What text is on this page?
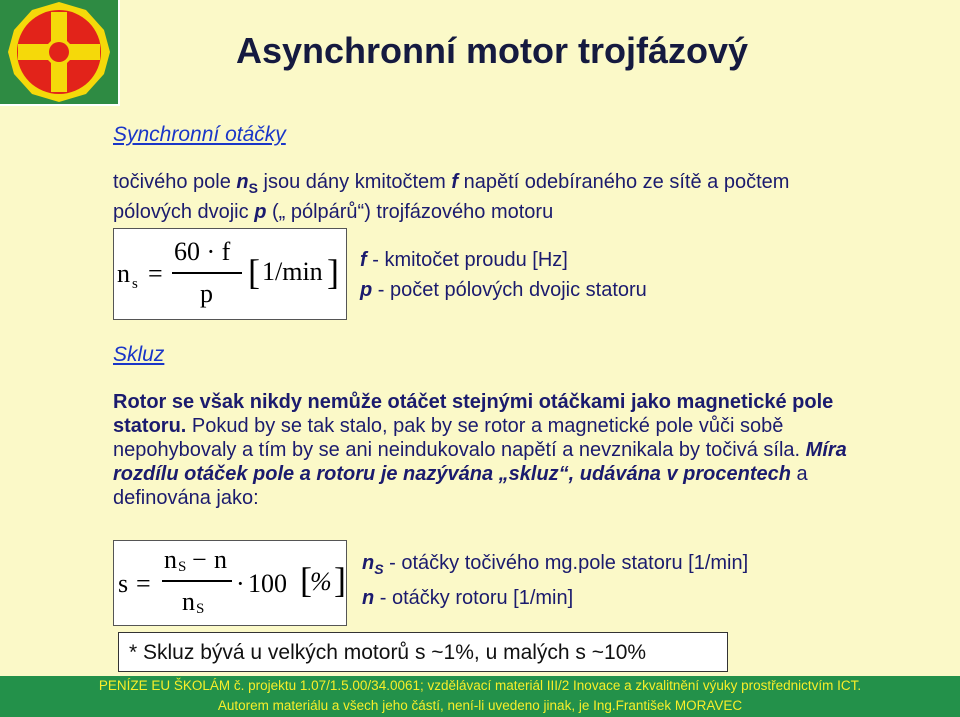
Asynchronní motor trojfázový
Synchronní otáčky
točivého pole $n_S$ jsou dány kmitočtem f napětí odebíraného ze sítě a počtem pólových dvojic p („ pólpárů“) trojfázového motoru
n s =
60 · f
p
[ 1/min ] f - kmitočet proudu [Hz]
p - počet pólových dvojic statoru
Skluz
Rotor se však nikdy nemůže otáčet stejnými otáčkami jako magnetické pole statoru. Pokud by se tak stalo, pak by se rotor a magnetické pole vůči sobě nepohybovaly a tím by se ani neindukovalo napětí a nevznikala by točivá síla. Míra rozdílu otáček pole a rotoru je nazývána „skluz“, udávána v procentech a definována jako:
s =
n S − n
n S
· 100 [
% ] $n_S$ - otáčky točivého mg.pole statoru [1/min]
n - otáčky rotoru [1/min]
* Skluz bývá u velkých motorů s ~1%, u malých s ~10%
PENÍZE EU ŠKOLÁM č. projektu 1.07/1.5.00/34.0061; vzdělávací materiál III/2 Inovace a zkvalitnění výuky prostřednictvím ICT.
Autorem materiálu a všech jeho částí, není-li uvedeno jinak, je Ing.František MORAVEC
